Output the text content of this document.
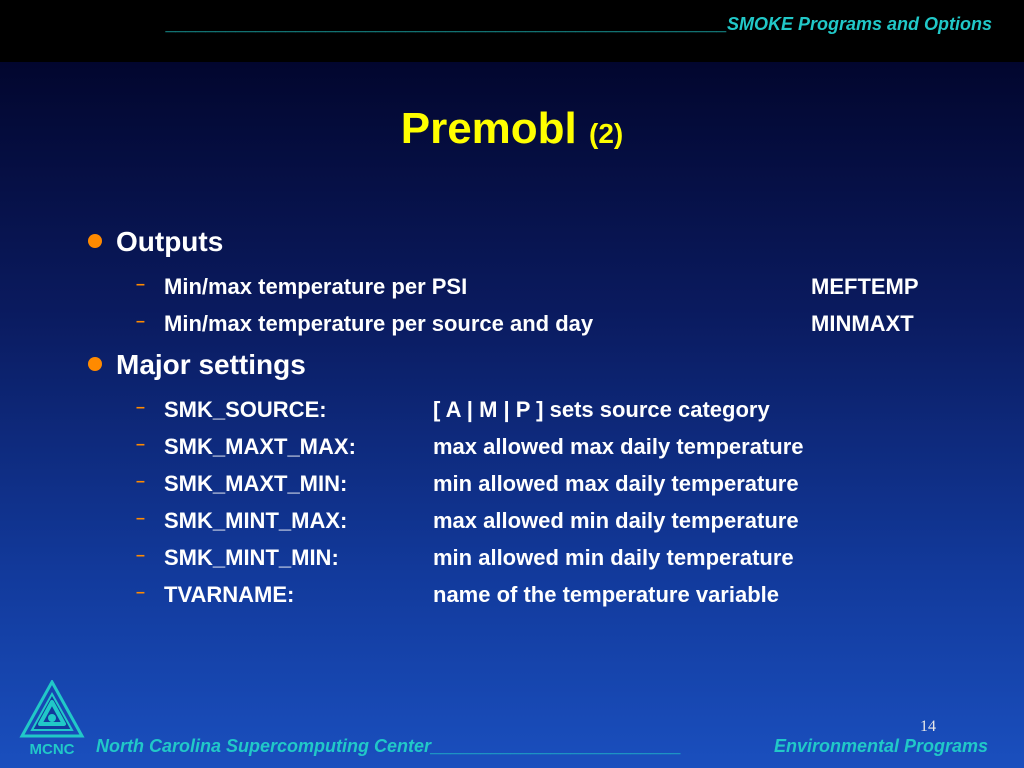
________________________________________________________SMOKE Programs and Options
Premobl (2)
Outputs
– Min/max temperature per PSI	MEFTEMP
– Min/max temperature per source and day	MINMAXT
Major settings
– SMK_SOURCE:	[ A | M | P ] sets source category
– SMK_MAXT_MAX:	max allowed max daily temperature
– SMK_MAXT_MIN:	min allowed max daily temperature
– SMK_MINT_MAX:	max allowed min daily temperature
– SMK_MINT_MIN:	min allowed min daily temperature
– TVARNAME:	name of the temperature variable
MCNC
14
North Carolina Supercomputing Center_________________________	Environmental Programs
